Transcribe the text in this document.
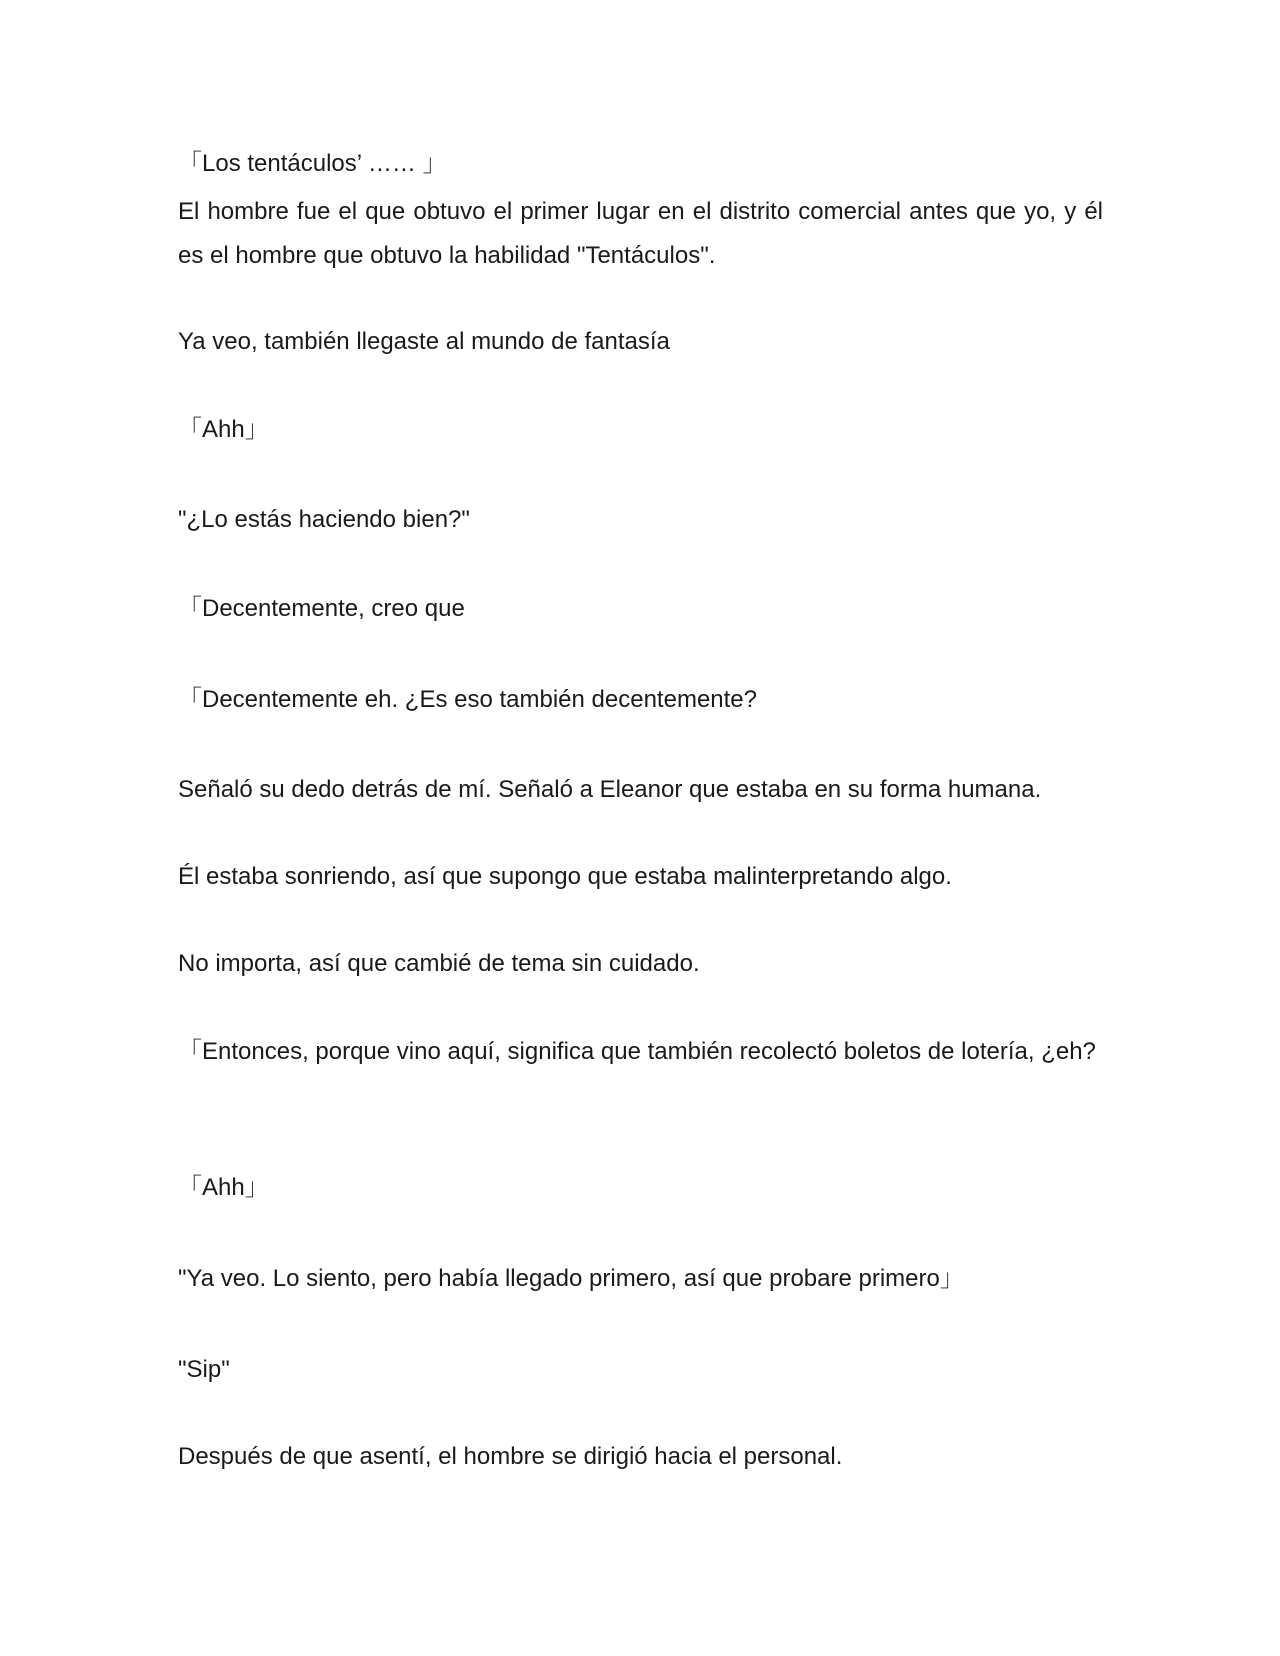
「Los tentáculos’ …… 」

El hombre fue el que obtuvo el primer lugar en el distrito comercial antes que yo, y él es el hombre que obtuvo la habilidad "Tentáculos".

Ya veo, también llegaste al mundo de fantasía

「Ahh」

"¿Lo estás haciendo bien?"

「Decentemente, creo que

「Decentemente eh. ¿Es eso también decentemente?

Señaló su dedo detrás de mí. Señaló a Eleanor que estaba en su forma humana.

Él estaba sonriendo, así que supongo que estaba malinterpretando algo.

No importa, así que cambié de tema sin cuidado.

「Entonces, porque vino aquí, significa que también recolectó boletos de lotería, ¿eh?

「Ahh」

"Ya veo. Lo siento, pero había llegado primero, así que probare primero」

"Sip"

Después de que asentí, el hombre se dirigió hacia el personal.
